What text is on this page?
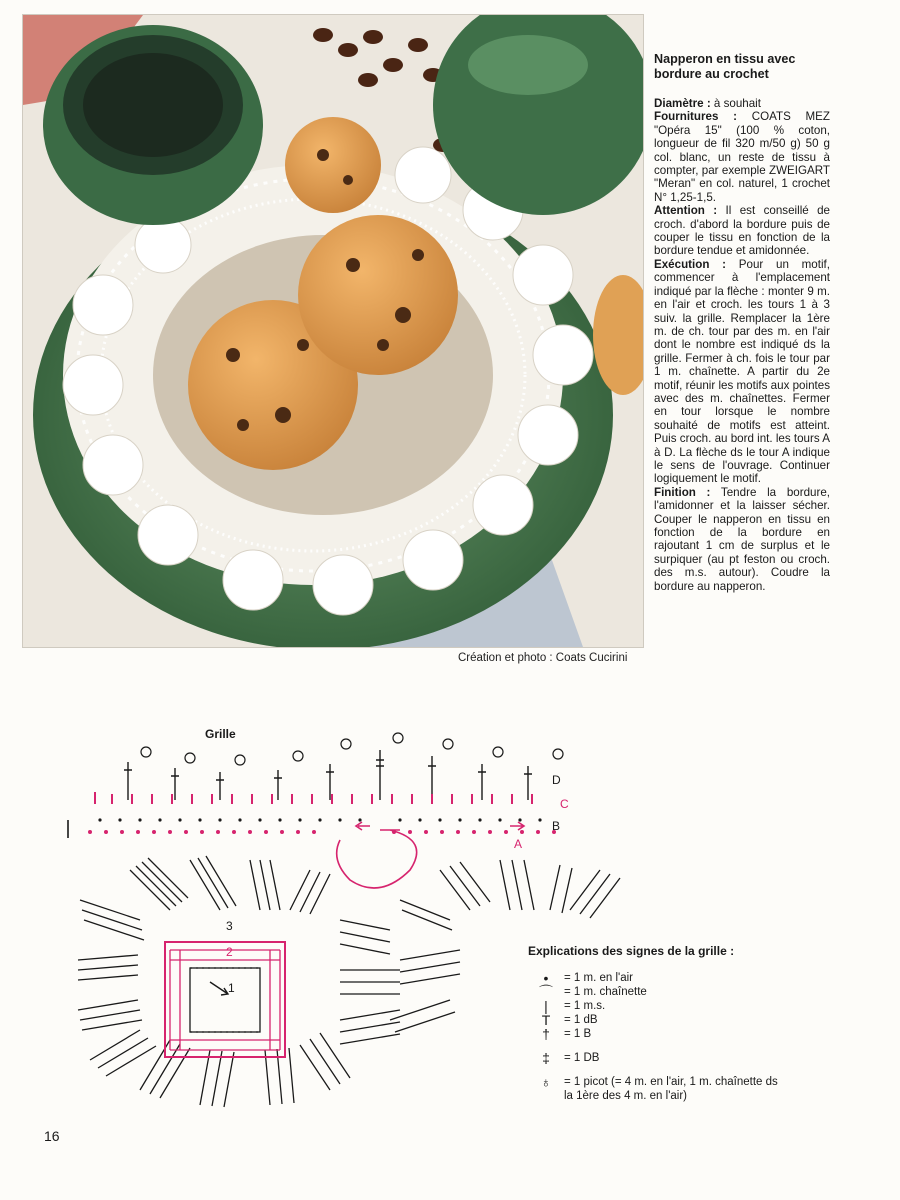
Napperon en tissu avec bordure au crochet

Diamètre : à souhait

Fournitures : COATS MEZ "Opéra 15" (100 % coton, longueur de fil 320 m/50 g) 50 g col. blanc, un reste de tissu à compter, par exemple ZWEIGART "Meran" en col. naturel, 1 crochet N° 1,25-1,5.

Attention : Il est conseillé de croch. d'abord la bordure puis de couper le tissu en fonction de la bordure tendue et amidonnée.

Exécution : Pour un motif, commencer à l'emplacement indiqué par la flèche : monter 9 m. en l'air et croch. les tours 1 à 3 suiv. la grille. Remplacer la 1ère m. de ch. tour par des m. en l'air dont le nombre est indiqué ds la grille. Fermer à ch. fois le tour par 1 m. chaînette. A partir du 2e motif, réunir les motifs aux pointes avec des m. chaînettes. Fermer en tour lorsque le nombre souhaité de motifs est atteint. Puis croch. au bord int. les tours A à D. La flèche ds le tour A indique le sens de l'ouvrage. Continuer logiquement le motif.

Finition : Tendre la bordure, l'amidonner et la laisser sécher. Couper le napperon en tissu en fonction de la bordure en rajoutant 1 cm de surplus et le surpiquer (au pt feston ou croch. des m.s. autour). Coudre la bordure au napperon.

Création et photo : Coats Cucirini
Grille
A
B
C
D
1
2
3
Explications des signes de la grille :
•	= 1 m. en l'air
⌒ = 1 m. chaînette
|	= 1 m.s.
T	= 1 dB
†	= 1 B
‡	= 1 DB
♁	= 1 picot (= 4 m. en l'air, 1 m. chaînette ds la 1ère des 4 m. en l'air)
16
